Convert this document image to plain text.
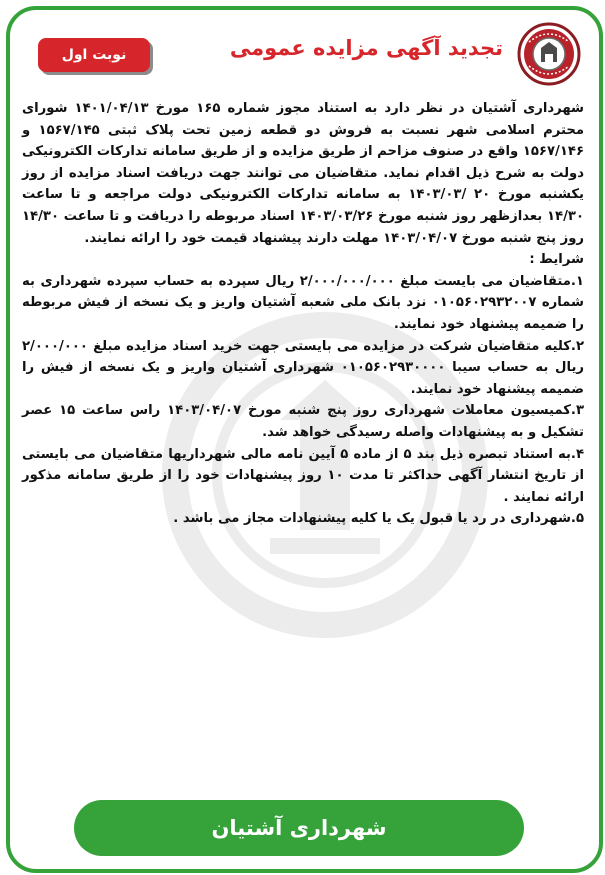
تجدید آگهی مزایده عمومی
نوبت اول

شهرداری آشتیان در نظر دارد به استناد مجوز شماره ۱۶۵ مورخ ۱۴۰۱/۰۴/۱۳ شورای محترم اسلامی شهر نسبت به فروش دو قطعه زمین تحت پلاک ثبتی ۱۵۶۷/۱۴۵ و ۱۵۶۷/۱۴۶ واقع در صنوف مزاحم از طریق مزایده و از طریق سامانه تدارکات الکترونیکی دولت به شرح ذیل اقدام نماید. متقاضیان می توانند جهت دریافت اسناد مزایده از روز یکشنبه مورخ ۲۰ /۱۴۰۳/۰۳ به سامانه تدارکات الکترونیکی دولت مراجعه و تا ساعت ۱۴/۳۰ بعدازظهر روز شنبه مورخ ۱۴۰۳/۰۳/۲۶ اسناد مربوطه را دریافت و تا ساعت ۱۴/۳۰ روز پنج شنبه مورخ ۱۴۰۳/۰۴/۰۷ مهلت دارند پیشنهاد قیمت خود را ارائه نمایند.

شرایط :

۱.متقاضیان می بایست مبلغ ۲/۰۰۰/۰۰۰/۰۰۰ ریال سپرده به حساب سپرده شهرداری به شماره ۰۱۰۵۶۰۲۹۳۲۰۰۷ نزد بانک ملی شعبه آشتیان واریز و یک نسخه از فیش مربوطه را ضمیمه پیشنهاد خود نمایند.

۲.کلیه متقاضیان شرکت در مزایده می بایستی جهت خرید اسناد مزایده مبلغ ۲/۰۰۰/۰۰۰ ریال به حساب سیبا ۰۱۰۵۶۰۲۹۳۰۰۰۰ شهرداری آشتیان واریز و یک نسخه از فیش را ضمیمه پیشنهاد خود نمایند.

۳.کمیسیون معاملات شهرداری روز پنج شنبه مورخ ۱۴۰۳/۰۴/۰۷ راس ساعت ۱۵ عصر تشکیل و به پیشنهادات واصله رسیدگی خواهد شد.

۴.به استناد تبصره ذیل بند ۵ از ماده ۵ آیین نامه مالی شهرداریها متقاضیان می بایستی از تاریخ انتشار آگهی حداکثر تا مدت ۱۰ روز پیشنهادات خود را از طریق سامانه مذکور ارائه نمایند .

۵.شهرداری در رد یا قبول یک یا کلیه پیشنهادات مجاز می باشد .

شهرداری آشتیان
